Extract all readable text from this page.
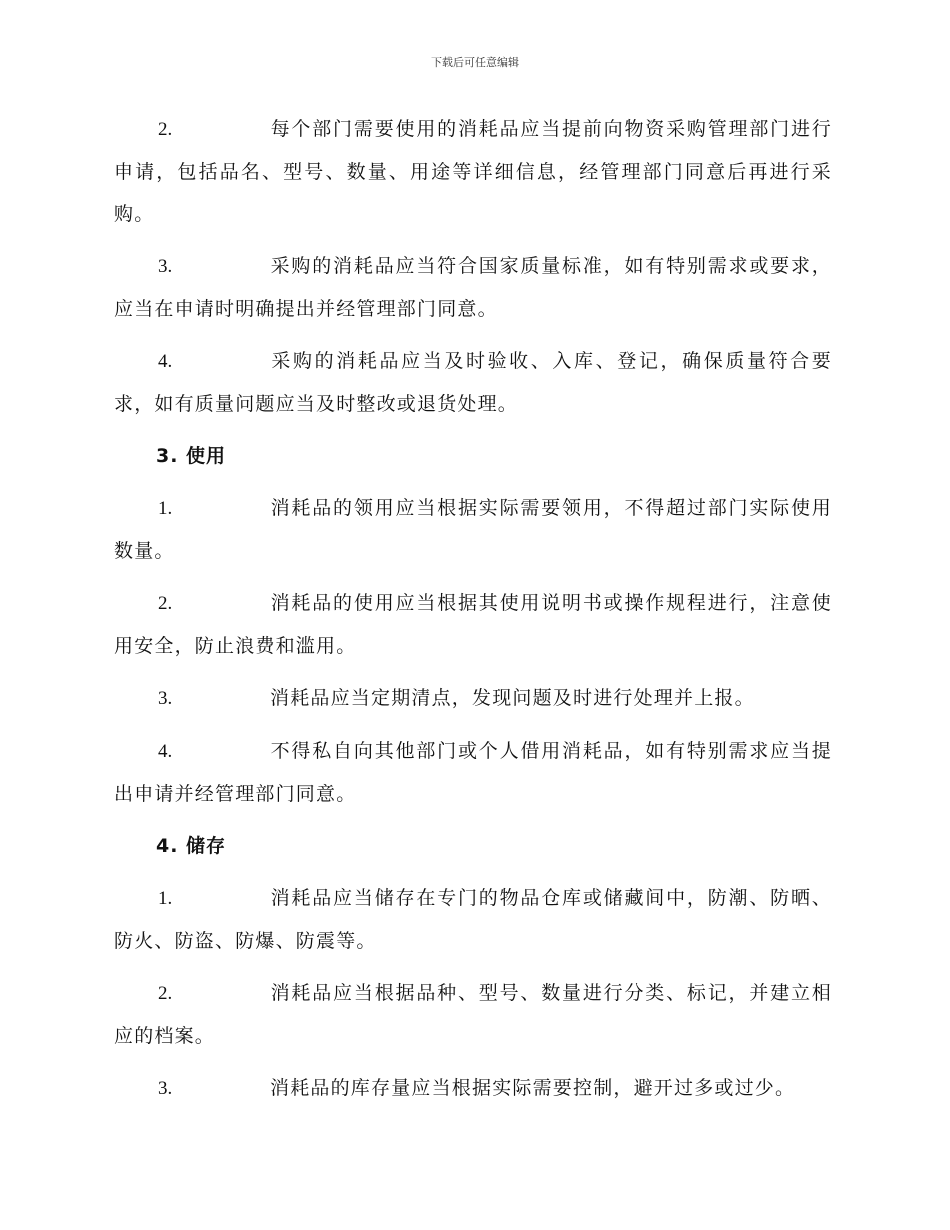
下载后可任意编辑

2.	每个部门需要使用的消耗品应当提前向物资采购管理部门进行申请，包括品名、型号、数量、用途等详细信息，经管理部门同意后再进行采购。

3.	采购的消耗品应当符合国家质量标准，如有特别需求或要求，应当在申请时明确提出并经管理部门同意。

4.	采购的消耗品应当及时验收、入库、登记，确保质量符合要求，如有质量问题应当及时整改或退货处理。

3. 使用

1.	消耗品的领用应当根据实际需要领用，不得超过部门实际使用数量。

2.	消耗品的使用应当根据其使用说明书或操作规程进行，注意使用安全，防止浪费和滥用。

3.	消耗品应当定期清点，发现问题及时进行处理并上报。

4.	不得私自向其他部门或个人借用消耗品，如有特别需求应当提出申请并经管理部门同意。

4. 储存

1.	消耗品应当储存在专门的物品仓库或储藏间中，防潮、防晒、防火、防盗、防爆、防震等。

2.	消耗品应当根据品种、型号、数量进行分类、标记，并建立相应的档案。

3.	消耗品的库存量应当根据实际需要控制，避开过多或过少。
